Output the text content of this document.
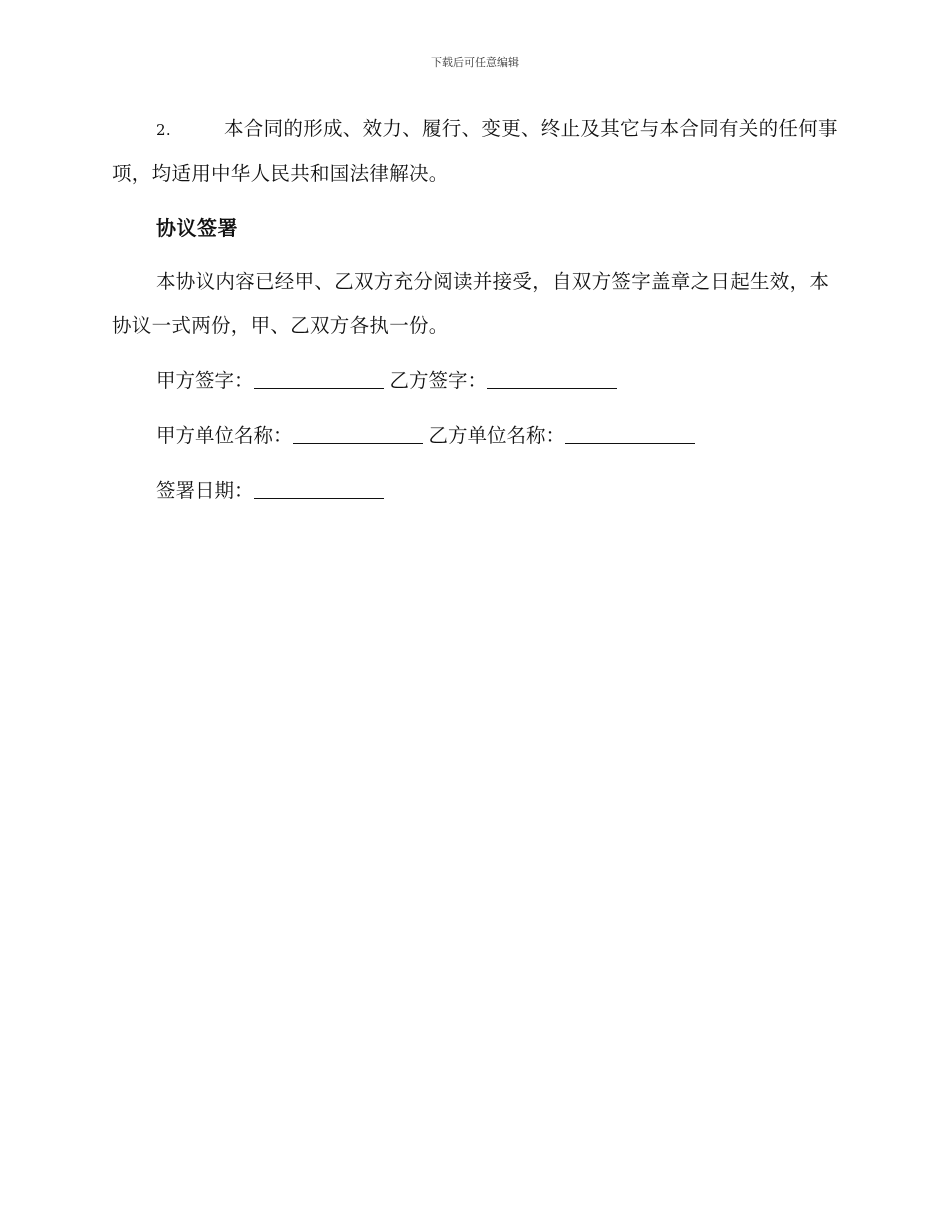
下载后可任意编辑
2.	本合同的形成、效力、履行、变更、终止及其它与本合同有关的任何事项，均适用中华人民共和国法律解决。
协议签署
本协议内容已经甲、乙双方充分阅读并接受，自双方签字盖章之日起生效，本协议一式两份，甲、乙双方各执一份。
甲方签字：	乙方签字：
甲方单位名称：	乙方单位名称：
签署日期：
